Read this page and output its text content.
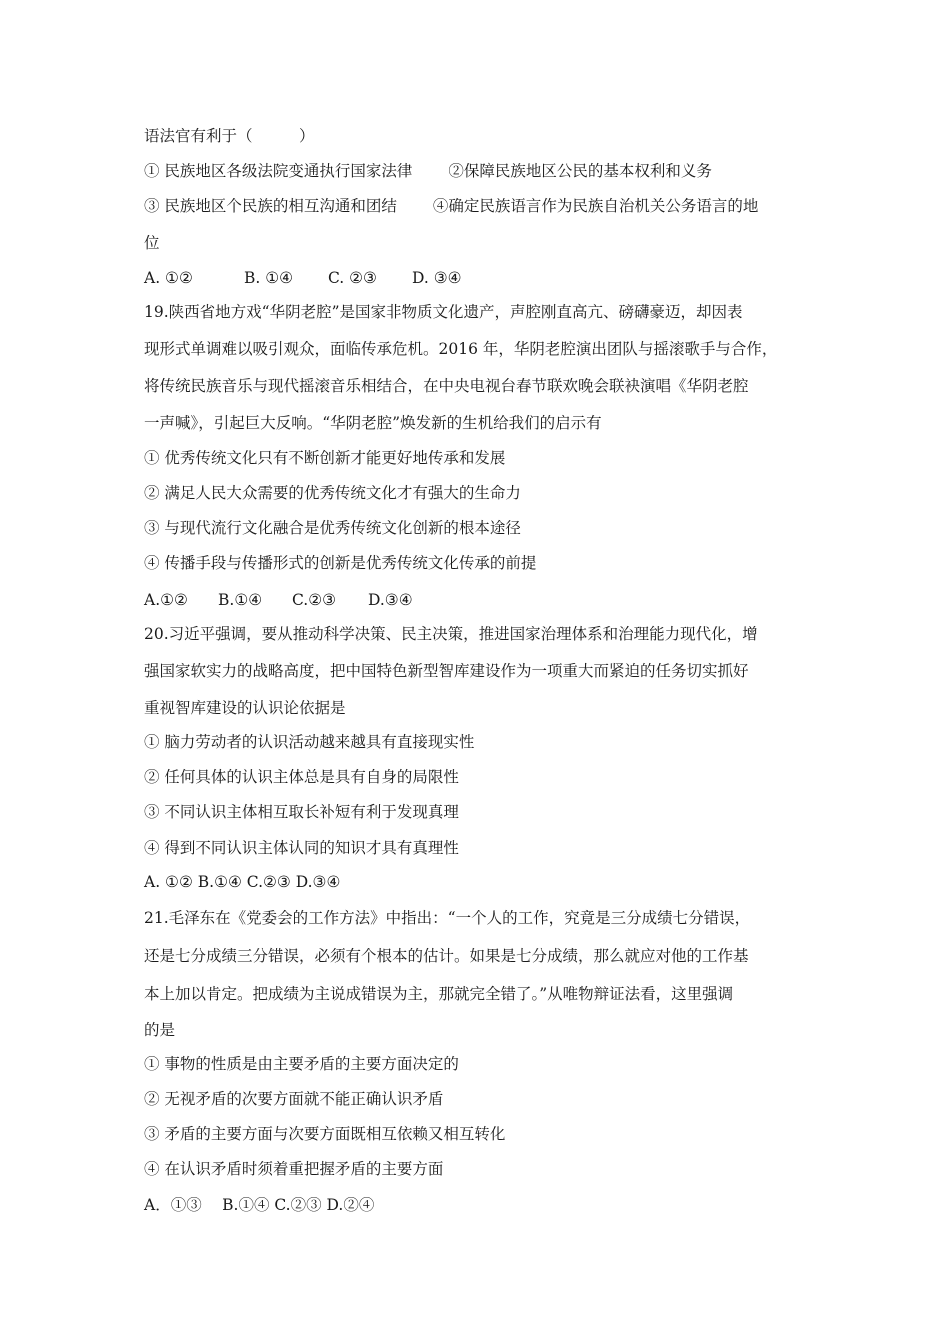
语法官有利于（　　　）
① 民族地区各级法院变通执行国家法律　　 ②保障民族地区公民的基本权利和义务
③ 民族地区个民族的相互沟通和团结　　 ④确定民族语言作为民族自治机关公务语言的地
位
A. ①②	B. ①④ C. ②③ D. ③④
19.陕西省地方戏“华阴老腔”是国家非物质文化遗产，声腔刚直高亢、磅礴豪迈，却因表
现形式单调难以吸引观众，面临传承危机。2016 年，华阴老腔演出团队与摇滚歌手与合作，
将传统民族音乐与现代摇滚音乐相结合，在中央电视台春节联欢晚会联袂演唱《华阴老腔
一声喊》，引起巨大反响。“华阴老腔”焕发新的生机给我们的启示有
① 优秀传统文化只有不断创新才能更好地传承和发展
② 满足人民大众需要的优秀传统文化才有强大的生命力
③ 与现代流行文化融合是优秀传统文化创新的根本途径
④ 传播手段与传播形式的创新是优秀传统文化传承的前提
A.①② B.①④ C.②③ D.③④
20.习近平强调，要从推动科学决策、民主决策，推进国家治理体系和治理能力现代化，增
强国家软实力的战略高度，把中国特色新型智库建设作为一项重大而紧迫的任务切实抓好
重视智库建设的认识论依据是
① 脑力劳动者的认识活动越来越具有直接现实性
② 任何具体的认识主体总是具有自身的局限性
③ 不同认识主体相互取长补短有利于发现真理
④ 得到不同认识主体认同的知识才具有真理性
A. ①② B.①④ C.②③ D.③④
21.毛泽东在《党委会的工作方法》中指出：“一个人的工作，究竟是三分成绩七分错误，
还是七分成绩三分错误，必须有个根本的估计。如果是七分成绩，那么就应对他的工作基
本上加以肯定。把成绩为主说成错误为主，那就完全错了。”从唯物辩证法看，这里强调
的是
① 事物的性质是由主要矛盾的主要方面决定的
② 无视矛盾的次要方面就不能正确认识矛盾
③ 矛盾的主要方面与次要方面既相互依赖又相互转化
④ 在认识矛盾时须着重把握矛盾的主要方面
A．①③　 B.①④ C.②③ D.②④
